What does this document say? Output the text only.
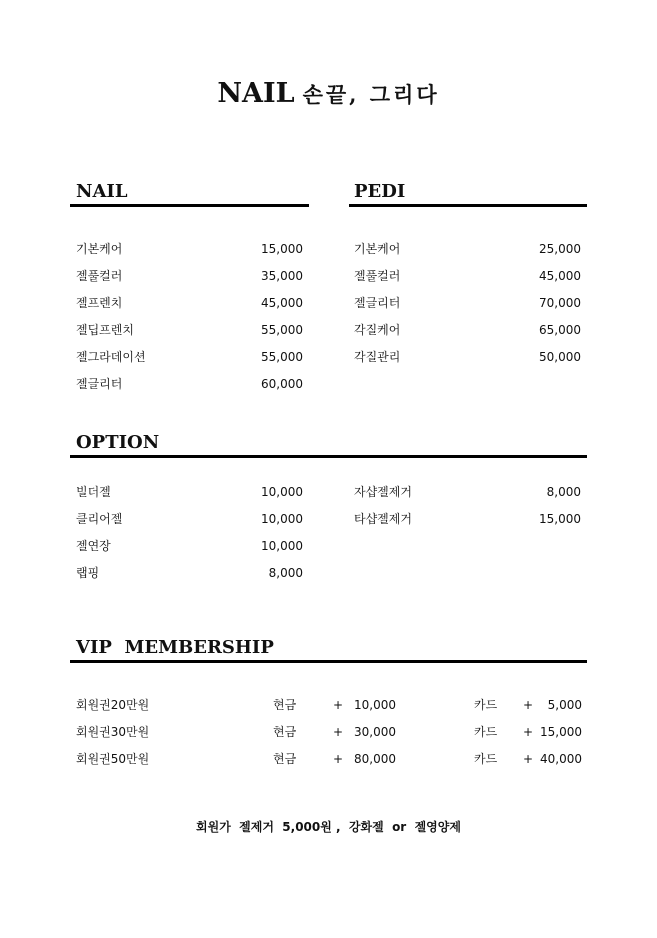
NAIL 손끝, 그리다
NAIL
기본케어	15,000
젤풀컬러	35,000
젤프렌치	45,000
젤딥프렌치	55,000
젤그라데이션	55,000
젤글리터	60,000
PEDI
기본케어	25,000
젤풀컬러	45,000
젤글리터	70,000
각질케어	65,000
각질관리	50,000
OPTION
빌더젤	10,000
클리어젤	10,000
젤연장	10,000
랩핑	8,000
자샵젤제거	8,000
타샵젤제거	15,000
VIP  MEMBERSHIP
회원권20만원	현금	+ 10,000	카드 + 5,000
회원권30만원	현금	+ 30,000	카드 + 15,000
회원권50만원	현금	+ 80,000	카드 + 40,000
회원가  젤제거  5,000원 ,  강화젤  or  젤영양제
